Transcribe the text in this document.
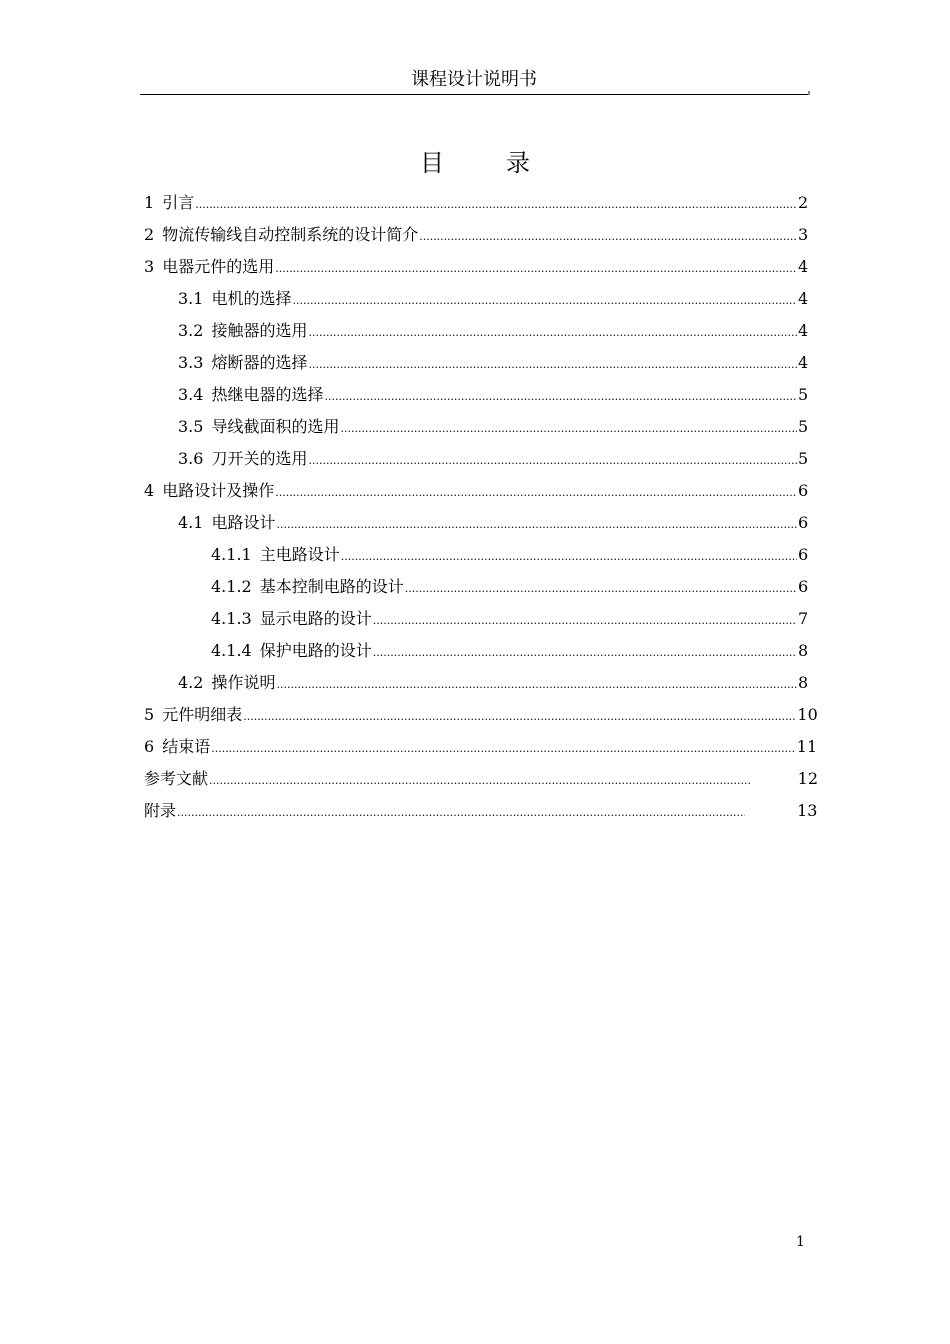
课程设计说明书
目录
1 引言 .....	2
2 物流传输线自动控制系统的设计简介 .....	3
3 电器元件的选用 .....	4
3.1 电机的选择 .....	4
3.2 接触器的选用 .....	4
3.3 熔断器的选择 .....	4
3.4 热继电器的选择 .....	5
3.5 导线截面积的选用 .....	5
3.6 刀开关的选用 .....	5
4 电路设计及操作 .....	6
4.1 电路设计 .....	6
4.1.1 主电路设计 .....	6
4.1.2 基本控制电路的设计 .....	6
4.1.3 显示电路的设计 .....	7
4.1.4 保护电路的设计 .....	8
4.2 操作说明 .....	8
5 元件明细表 .....	10
6 结束语 .....	11
参考文献 .....	12
附录 .....	13
1
